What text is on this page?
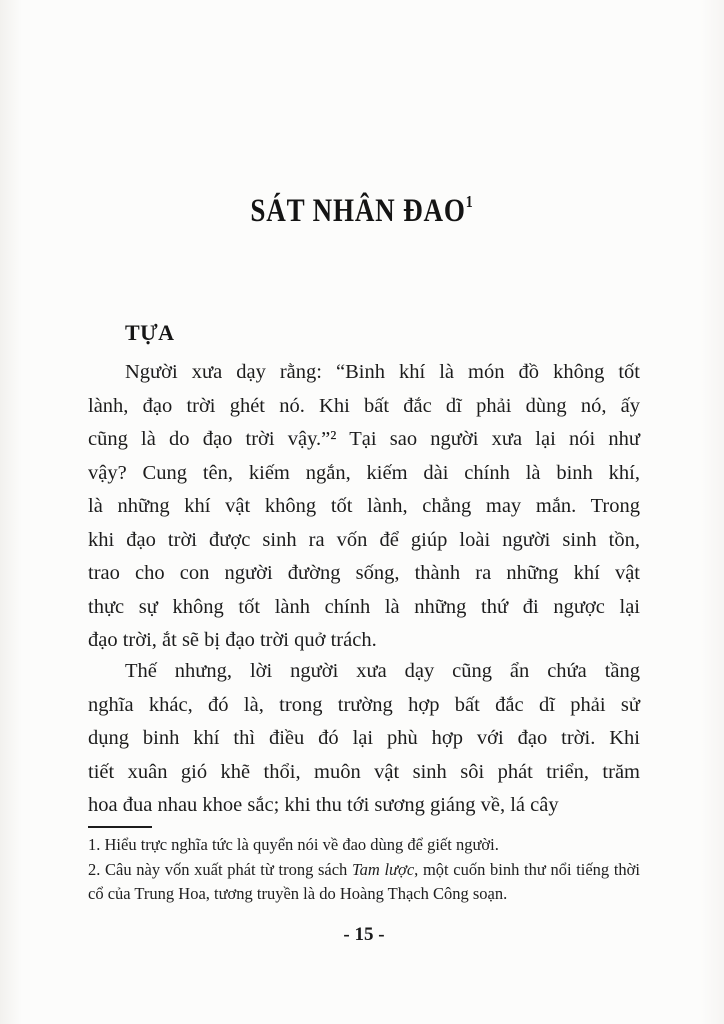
SÁT NHÂN ĐAO$^1$
TỰA
Người xưa dạy rằng: “Binh khí là món đồ không tốt
lành, đạo trời ghét nó. Khi bất đắc dĩ phải dùng nó, ấy
cũng là do đạo trời vậy.”² Tại sao người xưa lại nói như
vậy? Cung tên, kiếm ngắn, kiếm dài chính là binh khí,
là những khí vật không tốt lành, chẳng may mắn. Trong
khi đạo trời được sinh ra vốn để giúp loài người sinh tồn,
trao cho con người đường sống, thành ra những khí vật
thực sự không tốt lành chính là những thứ đi ngược lại
đạo trời, ắt sẽ bị đạo trời quở trách.
Thế nhưng, lời người xưa dạy cũng ẩn chứa tầng
nghĩa khác, đó là, trong trường hợp bất đắc dĩ phải sử
dụng binh khí thì điều đó lại phù hợp với đạo trời. Khi
tiết xuân gió khẽ thổi, muôn vật sinh sôi phát triển, trăm
hoa đua nhau khoe sắc; khi thu tới sương giáng về, lá cây

1. Hiểu trực nghĩa tức là quyển nói về đao dùng để giết người.

2. Câu này vốn xuất phát từ trong sách Tam lược, một cuốn binh thư nổi tiếng thời cổ của Trung Hoa, tương truyền là do Hoàng Thạch Công soạn.

- 15 -
